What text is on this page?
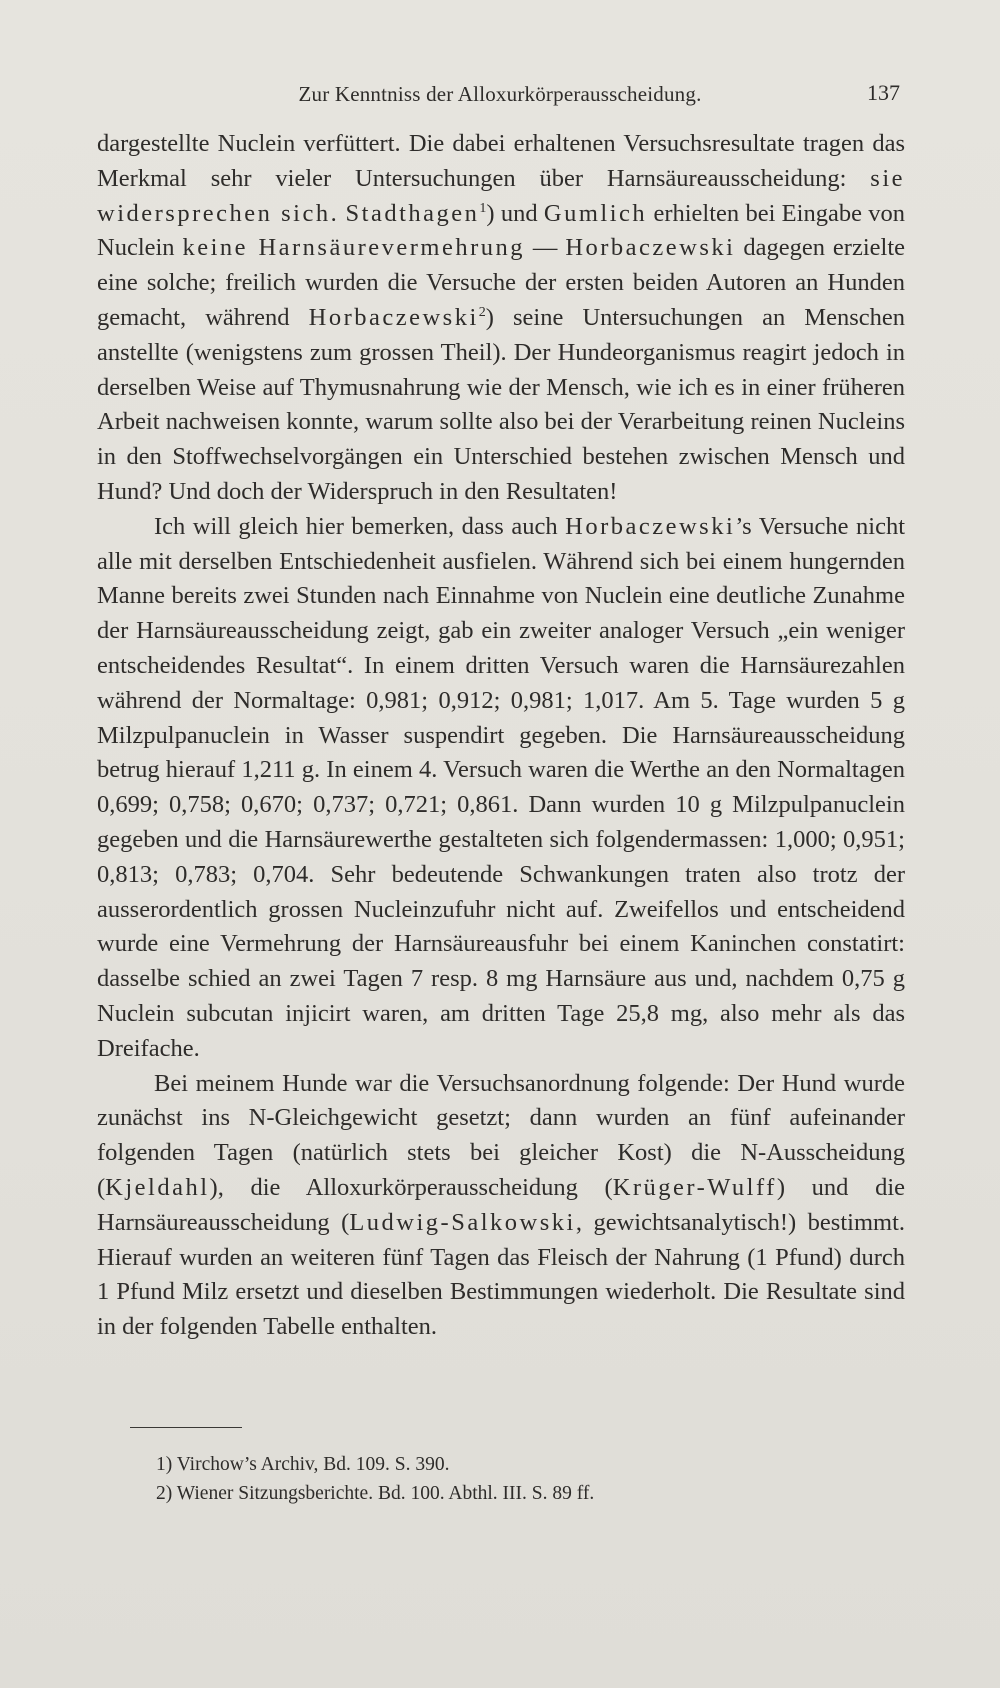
Zur Kenntniss der Alloxurkörperausscheidung.	137

dargestellte Nuclein verfüttert. Die dabei erhaltenen Versuchsresultate tragen das Merkmal sehr vieler Untersuchungen über Harnsäureausscheidung: sie widersprechen sich. Stadthagen$^1$) und Gumlich erhielten bei Eingabe von Nuclein keine Harnsäurevermehrung — Horbaczewski dagegen erzielte eine solche; freilich wurden die Versuche der ersten beiden Autoren an Hunden gemacht, während Horbaczewski$^2$) seine Untersuchungen an Menschen anstellte (wenigstens zum grossen Theil). Der Hundeorganismus reagirt jedoch in derselben Weise auf Thymusnahrung wie der Mensch, wie ich es in einer früheren Arbeit nachweisen konnte, warum sollte also bei der Verarbeitung reinen Nucleins in den Stoffwechselvorgängen ein Unterschied bestehen zwischen Mensch und Hund? Und doch der Widerspruch in den Resultaten!

Ich will gleich hier bemerken, dass auch Horbaczewski’s Versuche nicht alle mit derselben Entschiedenheit ausfielen. Während sich bei einem hungernden Manne bereits zwei Stunden nach Einnahme von Nuclein eine deutliche Zunahme der Harnsäureausscheidung zeigt, gab ein zweiter analoger Versuch „ein weniger entscheidendes Resultat“. In einem dritten Versuch waren die Harnsäurezahlen während der Normaltage: 0,981; 0,912; 0,981; 1,017. Am 5. Tage wurden 5 g Milzpulpanuclein in Wasser suspendirt gegeben. Die Harnsäureausscheidung betrug hierauf 1,211 g. In einem 4. Versuch waren die Werthe an den Normaltagen 0,699; 0,758; 0,670; 0,737; 0,721; 0,861. Dann wurden 10 g Milzpulpanuclein gegeben und die Harnsäurewerthe gestalteten sich folgendermassen: 1,000; 0,951; 0,813; 0,783; 0,704. Sehr bedeutende Schwankungen traten also trotz der ausserordentlich grossen Nucleinzufuhr nicht auf. Zweifellos und entscheidend wurde eine Vermehrung der Harnsäureausfuhr bei einem Kaninchen constatirt: dasselbe schied an zwei Tagen 7 resp. 8 mg Harnsäure aus und, nachdem 0,75 g Nuclein subcutan injicirt waren, am dritten Tage 25,8 mg, also mehr als das Dreifache.

Bei meinem Hunde war die Versuchsanordnung folgende: Der Hund wurde zunächst ins N-Gleichgewicht gesetzt; dann wurden an fünf aufeinander folgenden Tagen (natürlich stets bei gleicher Kost) die N-Ausscheidung (Kjeldahl), die Alloxurkörperausscheidung (Krüger-Wulff) und die Harnsäureausscheidung (Ludwig-Salkowski, gewichtsanalytisch!) bestimmt. Hierauf wurden an weiteren fünf Tagen das Fleisch der Nahrung (1 Pfund) durch 1 Pfund Milz ersetzt und dieselben Bestimmungen wiederholt. Die Resultate sind in der folgenden Tabelle enthalten.

1) Virchow’s Archiv, Bd. 109. S. 390.
2) Wiener Sitzungsberichte. Bd. 100. Abthl. III. S. 89 ff.
